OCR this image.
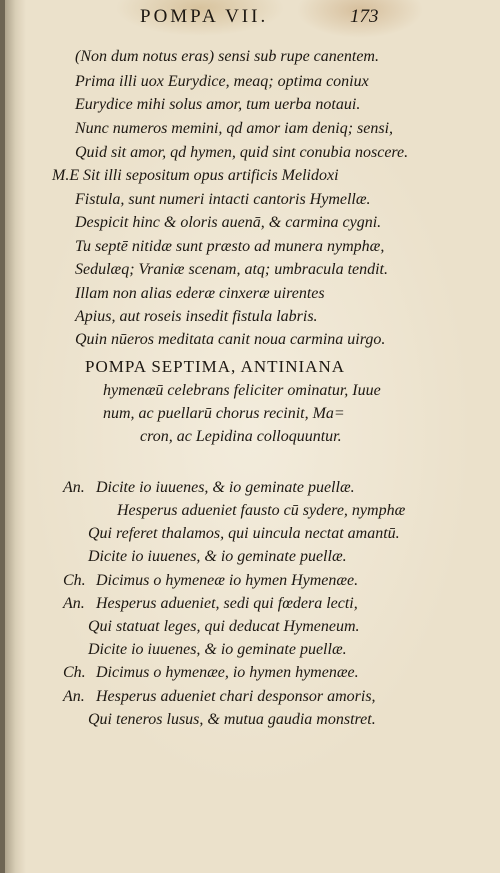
POMPA VII.	173
(Non dum notus eras) sensi sub rupe canentem.
Prima illi uox Eurydice, meaq; optima coniux
Eurydice mihi solus amor, tum uerba notaui.
Nunc numeros memini, qd amor iam deniq; sensi,
Quid sit amor, qd hymen, quid sint conubia noscere.
M.E Sit illi sepositum opus artificis Melidoxi
Fistula, sunt numeri intacti cantoris Hymellæ.
Despicit hinc & oloris auenā, & carmina cygni.
Tu septē nitidæ sunt præsto ad munera nymphæ,
Sedulæq; Vraniæ scenam, atq; umbracula tendit.
Illam non alias ederæ cinxeræ uirentes
Apius, aut roseis insedit fistula labris.
Quin nūeros meditata canit noua carmina uirgo.
POMPA SEPTIMA, ANTINIANA
hymenæū celebrans feliciter ominatur, Iuue
num, ac puellarū chorus recinit, Ma=
cron, ac Lepidina colloquuntur.
An. Dicite io iuuenes, & io geminate puellæ.
Hesperus adueniet fausto cū sydere, nymphæ
Qui referet thalamos, qui uincula nectat amantū.
Dicite io iuuenes, & io geminate puellæ.
Ch. Dicimus o hymeneæ io hymen Hymenæe.
An. Hesperus adueniet, sedi qui fœdera lecti,
Qui statuat leges, qui deducat Hymeneum.
Dicite io iuuenes, & io geminate puellæ.
Ch. Dicimus o hymenæe, io hymen hymenæe.
An. Hesperus adueniet chari desponsor amoris,
Qui teneros lusus, & mutua gaudia monstret.
